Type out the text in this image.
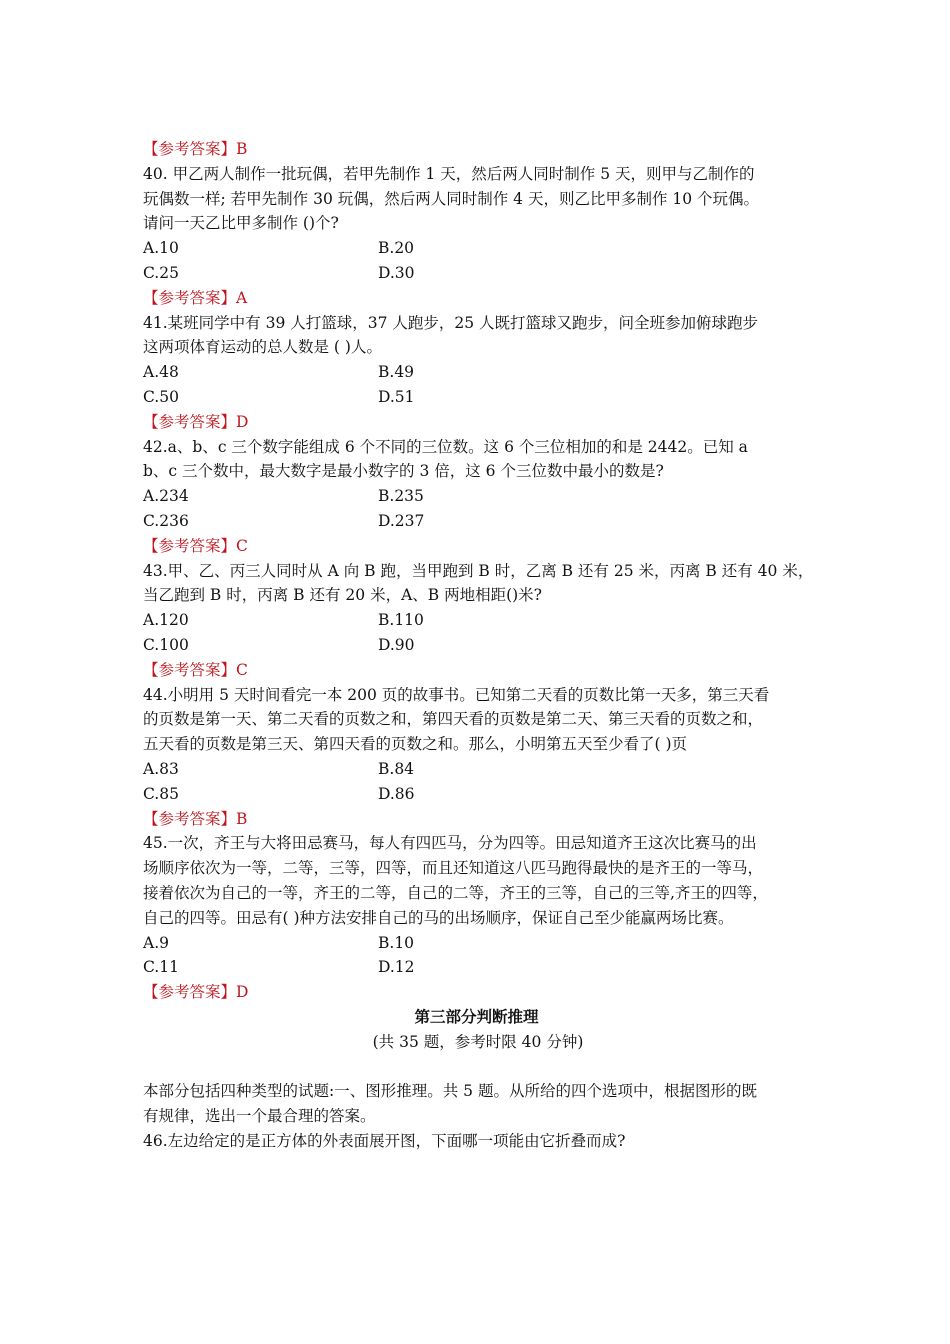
【参考答案】B
40. 甲乙两人制作一批玩偶，若甲先制作 1 天，然后两人同时制作 5 天，则甲与乙制作的
玩偶数一样; 若甲先制作 30 玩偶，然后两人同时制作 4 天，则乙比甲多制作 10 个玩偶。
请问一天乙比甲多制作 ()个?
A.10	B.20
C.25	D.30
【参考答案】A
41.某班同学中有 39 人打篮球，37 人跑步，25 人既打篮球又跑步，问全班参加俯球跑步
这两项体育运动的总人数是 ( )人。
A.48	B.49
C.50	D.51
【参考答案】D
42.a、b、c 三个数字能组成 6 个不同的三位数。这 6 个三位相加的和是 2442。已知 a
b、c 三个数中，最大数字是最小数字的 3 倍，这 6 个三位数中最小的数是?
A.234	B.235
C.236	D.237
【参考答案】C
43.甲、乙、丙三人同时从 A 向 B 跑，当甲跑到 B 时，乙离 B 还有 25 米，丙离 B 还有 40 米，
当乙跑到 B 时，丙离 B 还有 20 米，A、B 两地相距()米?
A.120	B.110
C.100	D.90
【参考答案】C
44.小明用 5 天时间看完一本 200 页的故事书。已知第二天看的页数比第一天多，第三天看
的页数是第一天、第二天看的页数之和，第四天看的页数是第二天、第三天看的页数之和，
五天看的页数是第三天、第四天看的页数之和。那么，小明第五天至少看了( )页
A.83	B.84
C.85	D.86
【参考答案】B
45.一次，齐王与大将田忌赛马，每人有四匹马，分为四等。田忌知道齐王这次比赛马的出
场顺序依次为一等，二等，三等，四等，而且还知道这八匹马跑得最快的是齐王的一等马，
接着依次为自己的一等，齐王的二等，自己的二等，齐王的三等，自己的三等,齐王的四等，
自己的四等。田忌有( )种方法安排自己的马的出场顺序，保证自己至少能赢两场比赛。
A.9	B.10
C.11	D.12
【参考答案】D
第三部分判断推理
(共 35 题，参考时限 40 分钟)
本部分包括四种类型的试题:一、图形推理。共 5 题。从所给的四个选项中，根据图形的既
有规律，选出一个最合理的答案。
46.左边给定的是正方体的外表面展开图，下面哪一项能由它折叠而成?
